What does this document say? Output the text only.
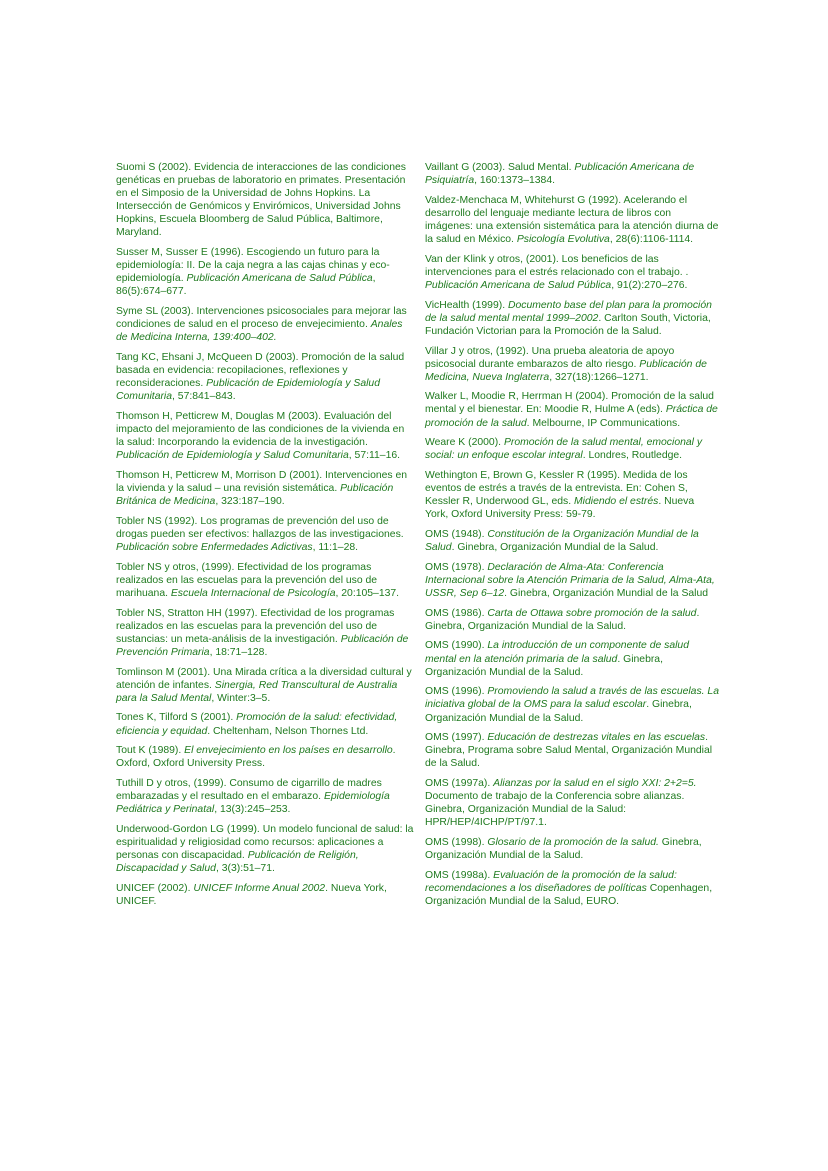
Suomi S (2002). Evidencia de interacciones de las condiciones genéticas en pruebas de laboratorio en primates. Presentación en el Simposio de la Universidad de Johns Hopkins. La Intersección de Genómicos y Envirómicos, Universidad Johns Hopkins, Escuela Bloomberg de Salud Pública, Baltimore, Maryland.

Susser M, Susser E (1996). Escogiendo un futuro para la epidemiología: II. De la caja negra a las cajas chinas y eco-epidemiología. Publicación Americana de Salud Pública, 86(5):674–677.

Syme SL (2003). Intervenciones psicosociales para mejorar las condiciones de salud en el proceso de envejecimiento. Anales de Medicina Interna, 139:400–402.

Tang KC, Ehsani J, McQueen D (2003). Promoción de la salud basada en evidencia: recopilaciones, reflexiones y reconsideraciones. Publicación de Epidemiología y Salud Comunitaria, 57:841–843.

Thomson H, Petticrew M, Douglas M (2003). Evaluación del impacto del mejoramiento de las condiciones de la vivienda en la salud: Incorporando la evidencia de la investigación. Publicación de Epidemiología y Salud Comunitaria, 57:11–16.

Thomson H, Petticrew M, Morrison D (2001). Intervenciones en la vivienda y la salud – una revisión sistemática. Publicación Británica de Medicina, 323:187–190.

Tobler NS (1992). Los programas de prevención del uso de drogas pueden ser efectivos: hallazgos de las investigaciones. Publicación sobre Enfermedades Adictivas, 11:1–28.

Tobler NS y otros, (1999). Efectividad de los programas realizados en las escuelas para la prevención del uso de marihuana. Escuela Internacional de Psicología, 20:105–137.

Tobler NS, Stratton HH (1997). Efectividad de los programas realizados en las escuelas para la prevención del uso de sustancias: un meta-análisis de la investigación. Publicación de Prevención Primaria, 18:71–128.

Tomlinson M (2001). Una Mirada crítica a la diversidad cultural y atención de infantes. Sinergia, Red Transcultural de Australia para la Salud Mental, Winter:3–5.

Tones K, Tilford S (2001). Promoción de la salud: efectividad, eficiencia y equidad. Cheltenham, Nelson Thornes Ltd.

Tout K (1989). El envejecimiento en los países en desarrollo. Oxford, Oxford University Press.

Tuthill D y otros, (1999). Consumo de cigarrillo de madres embarazadas y el resultado en el embarazo. Epidemiología Pediátrica y Perinatal, 13(3):245–253.

Underwood-Gordon LG (1999). Un modelo funcional de salud: la espiritualidad y religiosidad como recursos: aplicaciones a personas con discapacidad. Publicación de Religión, Discapacidad y Salud, 3(3):51–71.

UNICEF (2002). UNICEF Informe Anual 2002. Nueva York, UNICEF.

Vaillant G (2003). Salud Mental. Publicación Americana de Psiquiatría, 160:1373–1384.

Valdez-Menchaca M, Whitehurst G (1992). Acelerando el desarrollo del lenguaje mediante lectura de libros con imágenes: una extensión sistemática para la atención diurna de la salud en México. Psicología Evolutiva, 28(6):1106-1114.

Van der Klink y otros, (2001). Los beneficios de las intervenciones para el estrés relacionado con el trabajo. . Publicación Americana de Salud Pública, 91(2):270–276.

VicHealth (1999). Documento base del plan para la promoción de la salud mental mental 1999–2002. Carlton South, Victoria, Fundación Victorian para la Promoción de la Salud.

Villar J y otros, (1992). Una prueba aleatoria de apoyo psicosocial durante embarazos de alto riesgo. Publicación de Medicina, Nueva Inglaterra, 327(18):1266–1271.

Walker L, Moodie R, Herrman H (2004). Promoción de la salud mental y el bienestar. En: Moodie R, Hulme A (eds). Práctica de promoción de la salud. Melbourne, IP Communications.

Weare K (2000). Promoción de la salud mental, emocional y social: un enfoque escolar integral. Londres, Routledge.

Wethington E, Brown G, Kessler R (1995). Medida de los eventos de estrés a través de la entrevista. En: Cohen S, Kessler R, Underwood GL, eds. Midiendo el estrés. Nueva York, Oxford University Press: 59-79.

OMS (1948). Constitución de la Organización Mundial de la Salud. Ginebra, Organización Mundial de la Salud.

OMS (1978). Declaración de Alma-Ata: Conferencia Internacional sobre la Atención Primaria de la Salud, Alma-Ata, USSR, Sep 6–12. Ginebra, Organización Mundial de la Salud

OMS (1986). Carta de Ottawa sobre promoción de la salud. Ginebra, Organización Mundial de la Salud.

OMS (1990). La introducción de un componente de salud mental en la atención primaria de la salud. Ginebra, Organización Mundial de la Salud.

OMS (1996). Promoviendo la salud a través de las escuelas. La iniciativa global de la OMS para la salud escolar. Ginebra, Organización Mundial de la Salud.

OMS (1997). Educación de destrezas vitales en las escuelas. Ginebra, Programa sobre Salud Mental, Organización Mundial de la Salud.

OMS (1997a). Alianzas por la salud en el siglo XXI: 2+2=5. Documento de trabajo de la Conferencia sobre alianzas. Ginebra, Organización Mundial de la Salud: HPR/HEP/4ICHP/PT/97.1.

OMS (1998). Glosario de la promoción de la salud. Ginebra, Organización Mundial de la Salud.

OMS (1998a). Evaluación de la promoción de la salud: recomendaciones a los diseñadores de políticas Copenhagen, Organización Mundial de la Salud, EURO.
